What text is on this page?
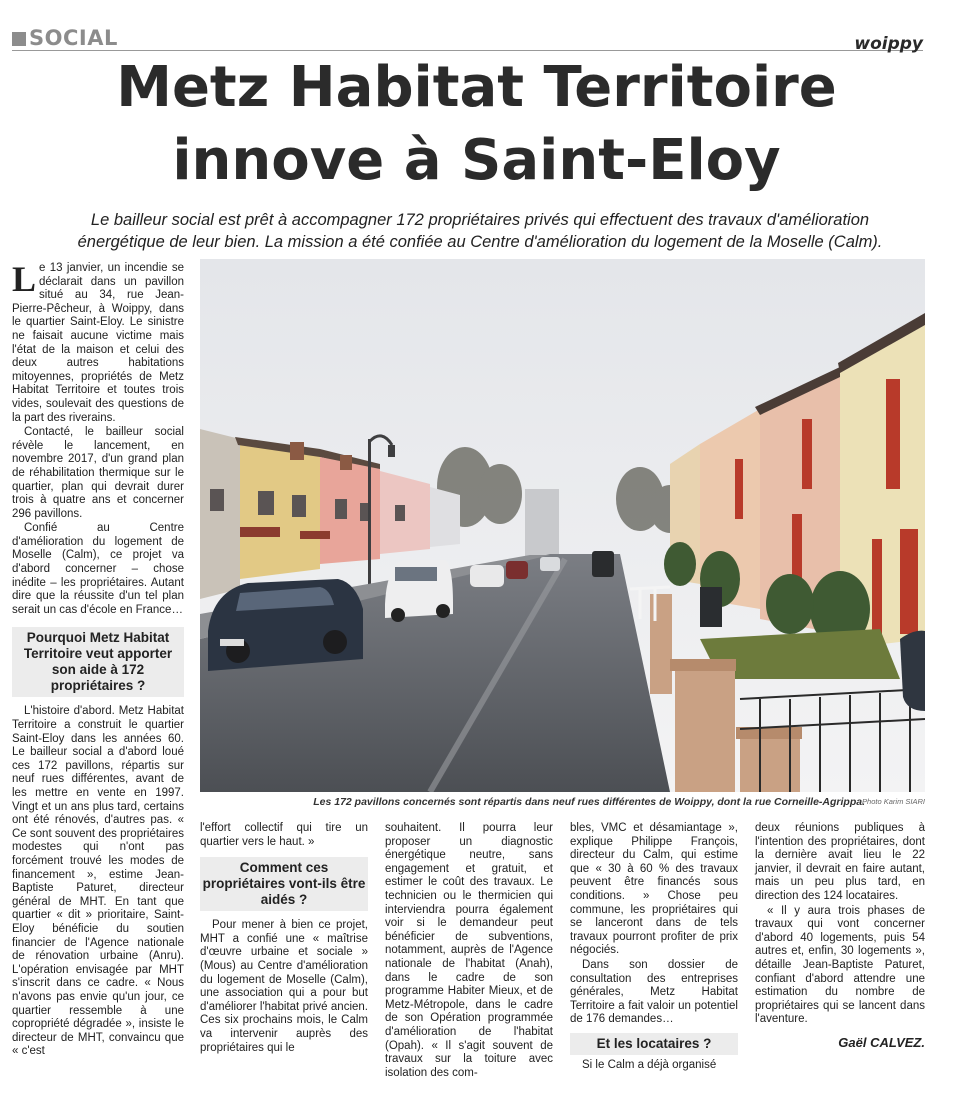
SOCIAL	woippy
Metz Habitat Territoire
innove à Saint-Eloy
Le bailleur social est prêt à accompagner 172 propriétaires privés qui effectuent des travaux d'amélioration
énergétique de leur bien. La mission a été confiée au Centre d'amélioration du logement de la Moselle (Calm).

Le 13 janvier, un incendie se déclarait dans un pavillon situé au 34, rue Jean-Pierre-Pêcheur, à Woippy, dans le quartier Saint-Eloy. Le sinistre ne faisait aucune victime mais l'état de la maison et celui des deux autres habitations mitoyennes, propriétés de Metz Habitat Territoire et toutes trois vides, soulevait des questions de la part des riverains.

Contacté, le bailleur social révèle le lancement, en novembre 2017, d'un grand plan de réhabilitation thermique sur le quartier, plan qui devrait durer trois à quatre ans et concerner 296 pavillons.

Confié au Centre d'amélioration du logement de Moselle (Calm), ce projet va d'abord concerner – chose inédite – les propriétaires. Autant dire que la réussite d'un tel plan serait un cas d'école en France…

Pourquoi Metz Habitat Territoire veut apporter son aide à 172 propriétaires ?

L'histoire d'abord. Metz Habitat Territoire a construit le quartier Saint-Eloy dans les années 60. Le bailleur social a d'abord loué ces 172 pavillons, répartis sur neuf rues différentes, avant de les mettre en vente en 1997. Vingt et un ans plus tard, certains ont été rénovés, d'autres pas. « Ce sont souvent des propriétaires modestes qui n'ont pas forcément trouvé les modes de financement », estime Jean-Baptiste Paturet, directeur général de MHT. En tant que quartier « dit » prioritaire, Saint-Eloy bénéficie du soutien financier de l'Agence nationale de rénovation urbaine (Anru). L'opération envisagée par MHT s'inscrit dans ce cadre. « Nous n'avons pas envie qu'un jour, ce quartier ressemble à une copropriété dégradée », insiste le directeur de MHT, convaincu que « c'est

Les 172 pavillons concernés sont répartis dans neuf rues différentes de Woippy, dont la rue Corneille-Agrippa.
Photo Karim SIARI

l'effort collectif qui tire un quartier vers le haut. »

Comment ces propriétaires vont-ils être aidés ?

Pour mener à bien ce projet, MHT a confié une « maîtrise d'œuvre urbaine et sociale » (Mous) au Centre d'amélioration du logement de Moselle (Calm), une association qui a pour but d'améliorer l'habitat privé ancien. Ces six prochains mois, le Calm va intervenir auprès des propriétaires qui le

souhaitent. Il pourra leur proposer un diagnostic énergétique neutre, sans engagement et gratuit, et estimer le coût des travaux. Le technicien ou le thermicien qui interviendra pourra également voir si le demandeur peut bénéficier de subventions, notamment, auprès de l'Agence nationale de l'habitat (Anah), dans le cadre de son programme Habiter Mieux, et de Metz-Métropole, dans le cadre de son Opération programmée d'amélioration de l'habitat (Opah). « Il s'agit souvent de travaux sur la toiture avec isolation des com-

bles, VMC et désamiantage », explique Philippe François, directeur du Calm, qui estime que « 30 à 60 % des travaux peuvent être financés sous conditions. » Chose peu commune, les propriétaires qui se lanceront dans de tels travaux pourront profiter de prix négociés.

Dans son dossier de consultation des entreprises générales, Metz Habitat Territoire a fait valoir un potentiel de 176 demandes…

Et les locataires ?

Si le Calm a déjà organisé

deux réunions publiques à l'intention des propriétaires, dont la dernière avait lieu le 22 janvier, il devrait en faire autant, mais un peu plus tard, en direction des 124 locataires.

« Il y aura trois phases de travaux qui vont concerner d'abord 40 logements, puis 54 autres et, enfin, 30 logements », détaille Jean-Baptiste Paturet, confiant d'abord attendre une estimation du nombre de propriétaires qui se lancent dans l'aventure.

Gaël CALVEZ.
